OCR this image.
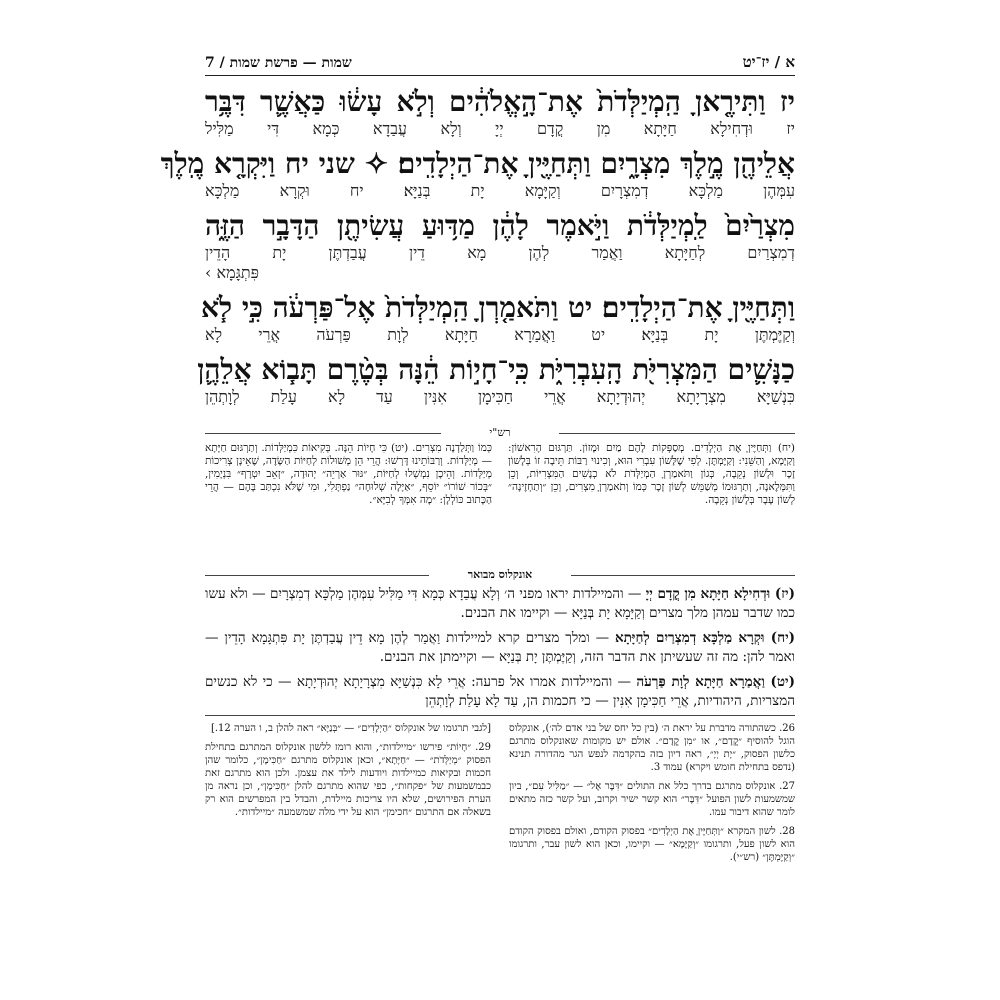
א / יז־יט
שמות — פרשת שמות / 7
יז וַתִּירֶ֤אןָ הַֽמְיַלְּדֹת֙ אֶת־הָ֣אֱלֹהִ֔ים וְלֹ֣א עָשׂ֔וּ כַּאֲשֶׁ֛ר דִּבֶּ֥ר
יז וּדְחִילָא חַיָּתָא מִן קֳדָם יְיָ וְלָא עֲבַדָא כְּמָא דִּי מַלִּיל
אֲלֵיהֶ֖ן מֶ֣לֶךְ מִצְרָ֑יִם וַתְּחַיֶּ֖יןָ אֶת־הַיְלָדִֽים׃ ✧ שני יח וַיִּקְרָ֤א מֶֽלֶךְ
עִמְּהֶן מַלְכָּא דְמִצְרָיִם וְקַיָּמָא יָת בְּנַיָּא׃ יח וּקְרָא מַלְכָּא
מִצְרַ֙יִם֙ לַֽמְיַלְּדֹ֔ת וַיֹּ֣אמֶר לָהֶ֔ן מַדּ֥וּעַ עֲשִׂיתֶ֖ן הַדָּבָ֣ר הַזֶּ֑ה
דְמִצְרַיִם לְחַיָּתָא וַאֲמַר לְהֶן מָא דֵין עֲבַדְתֶּן יָת הָדֵין
פִּתְגָּמָא ›
וַתְּחַיֶּ֖יןָ אֶת־הַיְלָדִֽים׃ יט וַתֹּאמַ֤רְןָ הַֽמְיַלְּדֹת֙ אֶל־פַּרְעֹ֔ה כִּ֣י לֹ֧א
וְקַיֶּמְתֶּן יָת בְּנַיָּא׃ יט וַאֲמַרָא חַיָּתָא לְוָת פַּרְעֹה אֲרֵי לָא
כַנָּשִׁ֛ים הַמִּצְרִיֹּ֖ת הָֽעִבְרִיֹּ֑ת כִּֽי־חָי֣וֹת הֵ֔נָּה בְּטֶ֨רֶם תָּב֧וֹא אֲלֵהֶ֛ן
כִּנְשַׁיָּא מִצְרָיָתָא יְהוּדְיָתָא אֲרֵי חַכִּימָן אִנִּין עַד לָא עָלַת לְוָתְהֵן
רש"י
(יח) וַתְּחַיֶּיןָ אֶת הַיְלָדִים. מְסַפְּקוֹת לָהֶם מַיִם וּמָזוֹן. תַּרְגּוּם הָרִאשׁוֹן: וְקַיָּמָא, וְהַשֵּׁנִי: וְקַיֶּמְתֶּן. לְפִי שֶׁלָּשׁוֹן עִבְרִי הוּא, וְכִינוּי רַבּוֹת תֵּיבָה זוֹ בְּלָשׁוֹן זָכָר וּלְשׁוֹן נְקֵבָה, כְּגוֹן וַתֹּאמַרְןָ הַמְיַלְּדֹת לֹא כְנָשִׁים הַמִּצְרִיּוֹת, וְכֵן וַתִּמְּלֶאנָה, וְתַרְגּוּמוֹ מְשַׁמֵּשׁ לְשׁוֹן זָכָר כְּמוֹ וְתֹאמַרְןָ מִצְרִים, וְכֵן ״וְתַחְזֶינָה״ לְשׁוֹן עָבָר בְּלָשׁוֹן נְקֵבָה.
כְּמוֹ וַתְּלַדְנָה מִצְרִים. (יט) כִּי חָיוֹת הֵנָּה. בְּקִיאוֹת כִּמְיַלְּדוֹת. וְתַרְגּוּם חַיָּתָא — מְיַלְּדוֹת. וְרַבּוֹתֵינוּ דָּרְשׁוּ: הֲרֵי הֵן מְשׁוּלוֹת לְחַיּוֹת הַשָּׂדֶה, שֶׁאֵינָן צְרִיכוֹת מְיַלְּדוֹת. וְהֵיכָן נִמְשְׁלוּ לְחַיּוֹת, ״גּוּר אַרְיֵה״ יְהוּדָה, ״זְאֵב יִטְרָף״ בִּנְיָמִין, ״בְּכוֹר שׁוֹרוֹ״ יוֹסֵף, ״אַיָּלָה שְׁלוּחָה״ נַפְתָּלִי, וּמִי שֶׁלֹּא נִכְתַּב בָּהֶם — הֲרֵי הַכָּתוּב כּוֹלְלָן: ״מָה אִמְּךָ לְבִיָּא״.
אונקלוס מבואר

(יז) וּדְחִילָא חַיָּתָא מִן קֳדָם יְיָ — והמיילדות יראו מפני ה׳ וְלָא עֲבַדָא כְּמָא דִּי מַלִּיל עִמְּהֶן מַלְכָּא דְמִצְרָיִם — ולא עשו כמו שדבר עמהן מלך מצרים וְקַיָּמָא יָת בְּנַיָּא — וקיימו את הבנים.

(יח) וּקְרָא מַלְכָּא דְמִצְרַיִם לְחַיָּתָא — ומלך מצרים קרא למיילדות וַאֲמַר לְהֶן מָא דֵין עֲבַדְתֶּן יָת פִּתְגָּמָא הָדֵין — ואמר להן: מה זה שעשיתן את הדבר הזה, וְקַיֶּמְתֶּן יָת בְּנַיָּא — וקיימתן את הבנים.

(יט) וַאֲמַרָא חַיָּתָא לְוָת פַּרְעֹה — והמיילדות אמרו אל פרעה: אֲרֵי לָא כִּנְשַׁיָּא מִצְרָיָתָא יְהוּדְיָתָא — כי לא כנשים המצריות, היהודיות, אֲרֵי חַכִּימָן אִנִּין — כי חכמות הן, עַד לָא עָלַת לְוָתְהֵן

26. כשהתורה מדברת על יראת ה׳ (בין כל יחס של בני אדם לה׳), אונקלוס הוגל להוסיף ״קֳדָם״, או ״מִן קֳדָם״. אולם יש מקומות שאונקלוס מתרגם כלשון הפסוק, ״יָת יְיָ״, ראה דיון בזה בהקדמה לנפש הגר מהדורה תנינא (נדפס בתחילת חומש ויקרא) עמוד 3.

27. אונקלוס מתרגם בדרך כלל את התולים ״דִּבֶּר אֶל״ — ״מַלִּיל עִם״, ביון שמשמעות לשון הפועל ״דִּבֶּר״ הוא קשר ישיר וקרוב, ועל קשר כזה מתאים לומר שהוא דיבור עמו.

28. לשון המקרא ״וַתְּחַיֶּיןָ אֶת הַיְלָדִים״ בפסוק הקודם, ואולם בפסוק הקודם הוא לשון פעל, ותרגומו ״וְקַיָּמָא״ — וקיימו, וכאן הוא לשון עבר, ותרגומו ״וְקַיֶּמְתֶּן״ (רש״י).

[לגבי תרגומו של אונקלוס ״הַיְלָדִים״ — ״בְּנַיָּא״ ראה להלן ב, ו הערה 12.]

29. ״חָיוֹת״ פירשו ״מיילדות״, והוא רומז ללשון אונקלוס המתרגם בתחילת הפסוק ״מְיַלְּדֹת״ — ״חַיָּתָא״, וכאן אונקלוס מתרגם ״חַכִּימָן״, כלומר שהן חכמות ובקיאות כמיילדות ויודעות לילד את עצמן. ולכן הוא מתרגם זאת כבמשמעות של ״פקחות״, כפי שהוא מתרגם להלן ״חַכִּימָן״, וכן נראה מן הערת הפירושים, שלא היו צריכות מיילדת, והבדל בין המפרשים הוא רק בשאלה אם התרגום ״חכימן״ הוא על ידי מלה שמשמעה ״מיילדות״.
